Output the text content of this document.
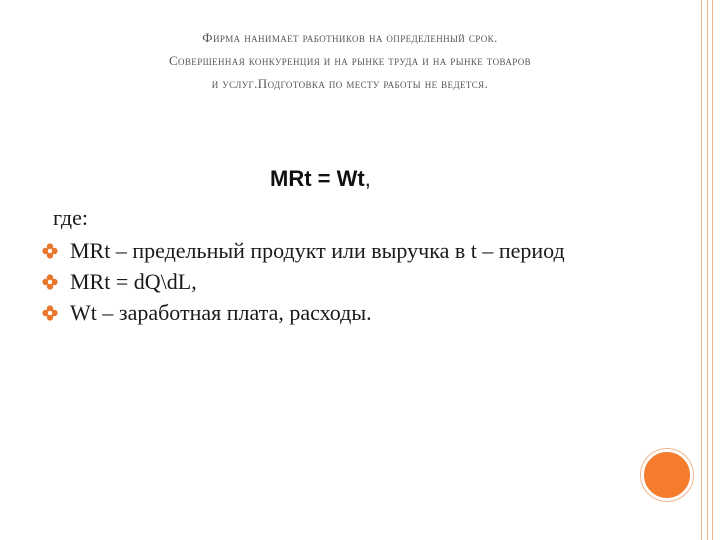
Фирма нанимает работников на определенный срок.
Совершенная конкуренция и на рынке труда и на рынке товаров
и услуг.Подготовка по месту работы не ведется.
MRt = Wt,
где:
MRt – предельный продукт или выручка в t – период
MRt = dQ\dL,
Wt – заработная плата, расходы.
